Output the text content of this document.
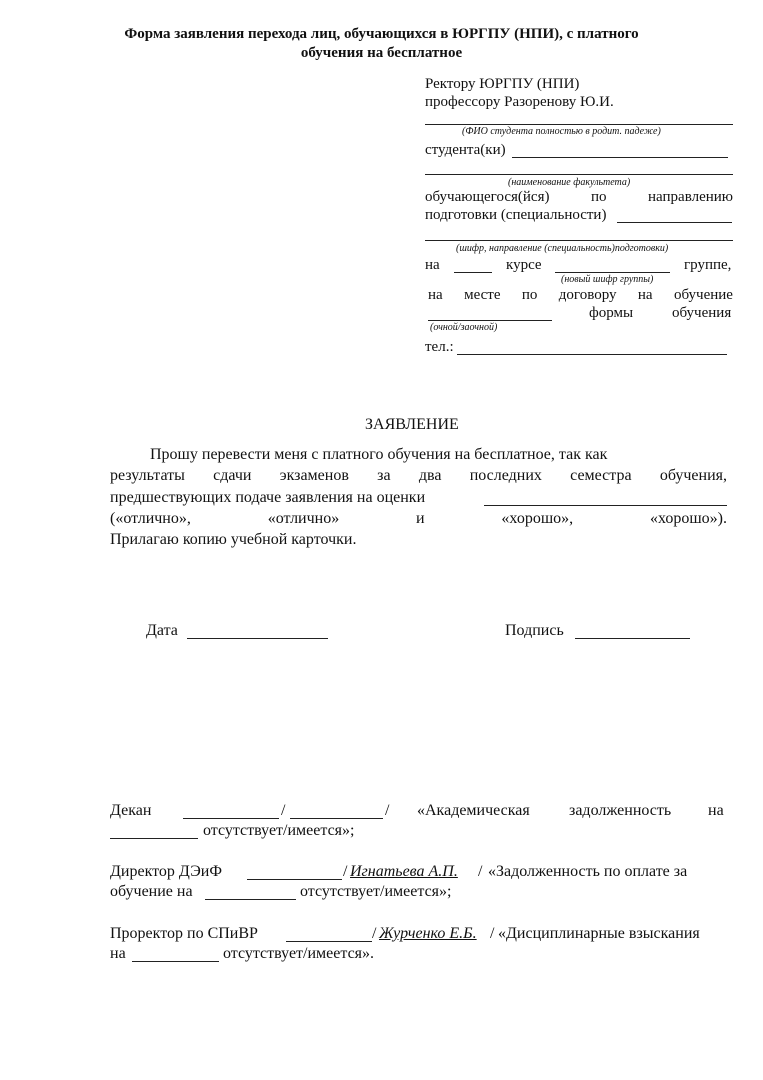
Форма заявления перехода лиц, обучающихся в ЮРГПУ (НПИ), с платного
обучения на бесплатное
Ректору ЮРГПУ (НПИ)
профессору Разоренову Ю.И.
(ФИО студента полностью в родит. падеже)
студента(ки)
(наименование факультета)
обучающегося(йся)	по	направлению
подготовки (специальности)
(шифр, направление (специальность)подготовки)
на	курсе	группе,
(новый шифр группы)
на месте по договору на обучение
формы	обучения
(очной/заочной)
тел.:
ЗАЯВЛЕНИЕ
Прошу перевести меня с платного обучения на бесплатное, так как
результаты сдачи экзаменов за два последних семестра обучения,
предшествующих подаче заявления на оценки
(«отлично»,	«отлично»	и	«хорошо»,	«хорошо»).
Прилагаю копию учебной карточки.
Дата	Подпись
Декан	/	/ «Академическая задолженность на
отсутствует/имеется»;
Директор ДЭиФ	/ Игнатьева А.П. / «Задолженность по оплате за
обучение на	отсутствует/имеется»;
Проректор по СПиВР	/ Журченко Е.Б. / «Дисциплинарные взыскания
на	отсутствует/имеется».
